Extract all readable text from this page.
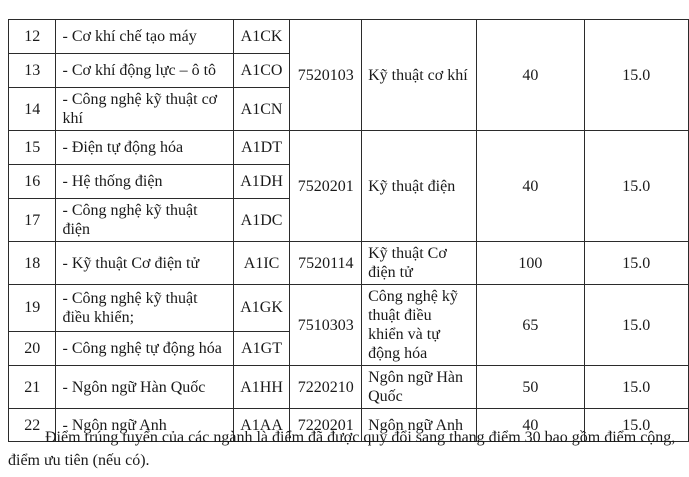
12	- Cơ khí chế tạo máy	A1CK	7520103	Kỹ thuật cơ khí	40	15.0
13	- Cơ khí động lực – ô tô	A1CO				
14	- Công nghệ kỹ thuật cơ khí	A1CN				
15	- Điện tự động hóa	A1DT	7520201	Kỹ thuật điện	40	15.0
16	- Hệ thống điện	A1DH				
17	- Công nghệ kỹ thuật điện	A1DC				
18	- Kỹ thuật Cơ điện tử	A1IC	7520114	Kỹ thuật Cơ điện tử	100	15.0
19	- Công nghệ kỹ thuật điều khiển;	A1GK	7510303	Công nghệ kỹ thuật điều khiển và tự động hóa	65	15.0
20	- Công nghệ tự động hóa	A1GT				
21	- Ngôn ngữ Hàn Quốc	A1HH	7220210	Ngôn ngữ Hàn Quốc	50	15.0
22	- Ngôn ngữ Anh	A1AA	7220201	Ngôn ngữ Anh	40	15.0

Điểm trúng tuyển của các ngành là điểm đã được quy đổi sang thang điểm 30 bao gồm điểm cộng, điểm ưu tiên (nếu có).
